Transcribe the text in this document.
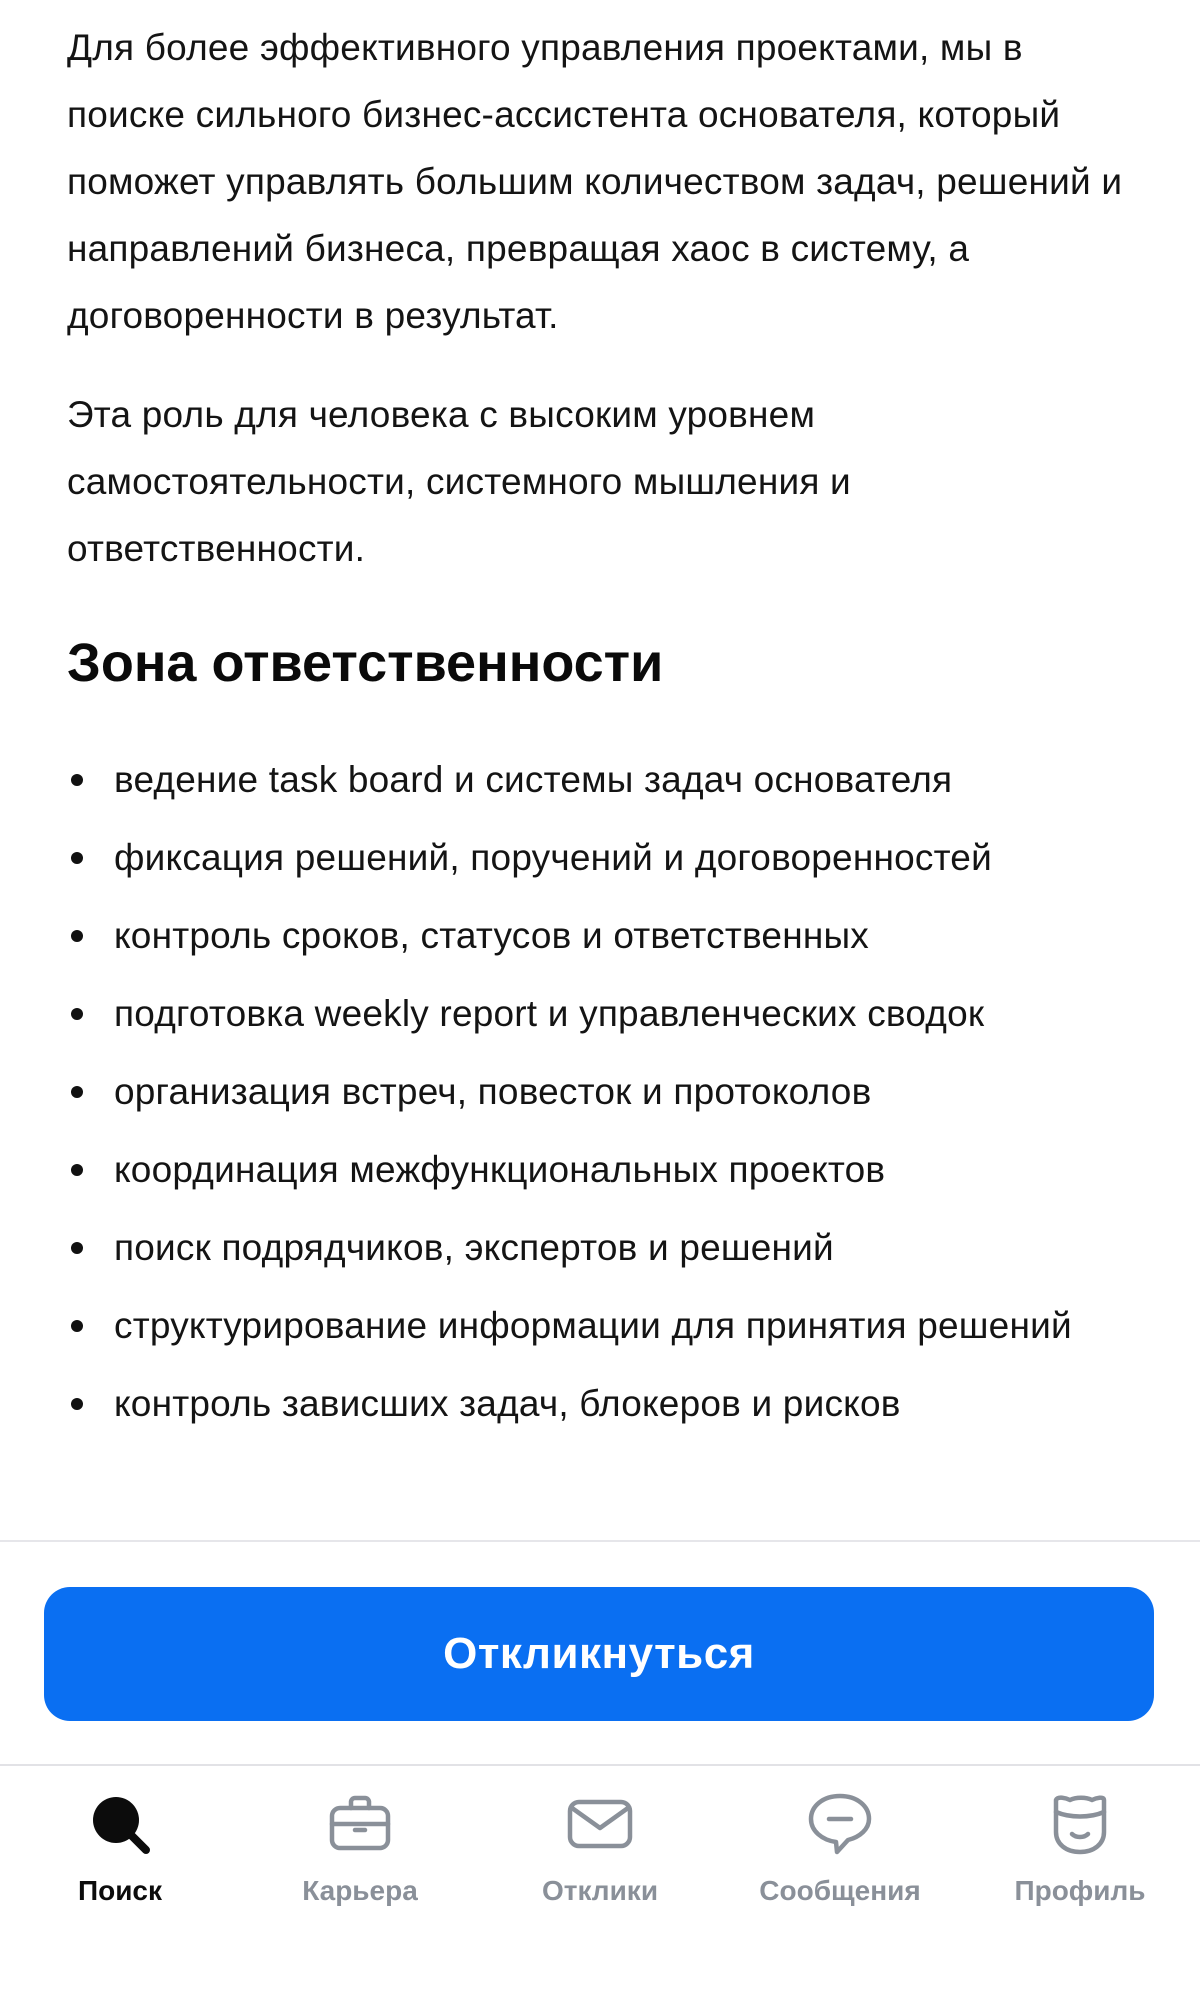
Для более эффективного управления проектами, мы в поиске сильного бизнес-ассистента основателя, который поможет управлять большим количеством задач, решений и направлений бизнеса, превращая хаос в систему, а договоренности в результат.

Эта роль для человека с высоким уровнем самостоятельности, системного мышления и ответственности.

Зона ответственности
ведение task board и системы задач основателя
фиксация решений, поручений и договоренностей
контроль сроков, статусов и ответственных
подготовка weekly report и управленческих сводок
организация встреч, повесток и протоколов
координация межфункциональных проектов
поиск подрядчиков, экспертов и решений
структурирование информации для принятия решений
контроль зависших задач, блокеров и рисков
Откликнуться
Поиск	Карьера	Отклики	Сообщения	Профиль
